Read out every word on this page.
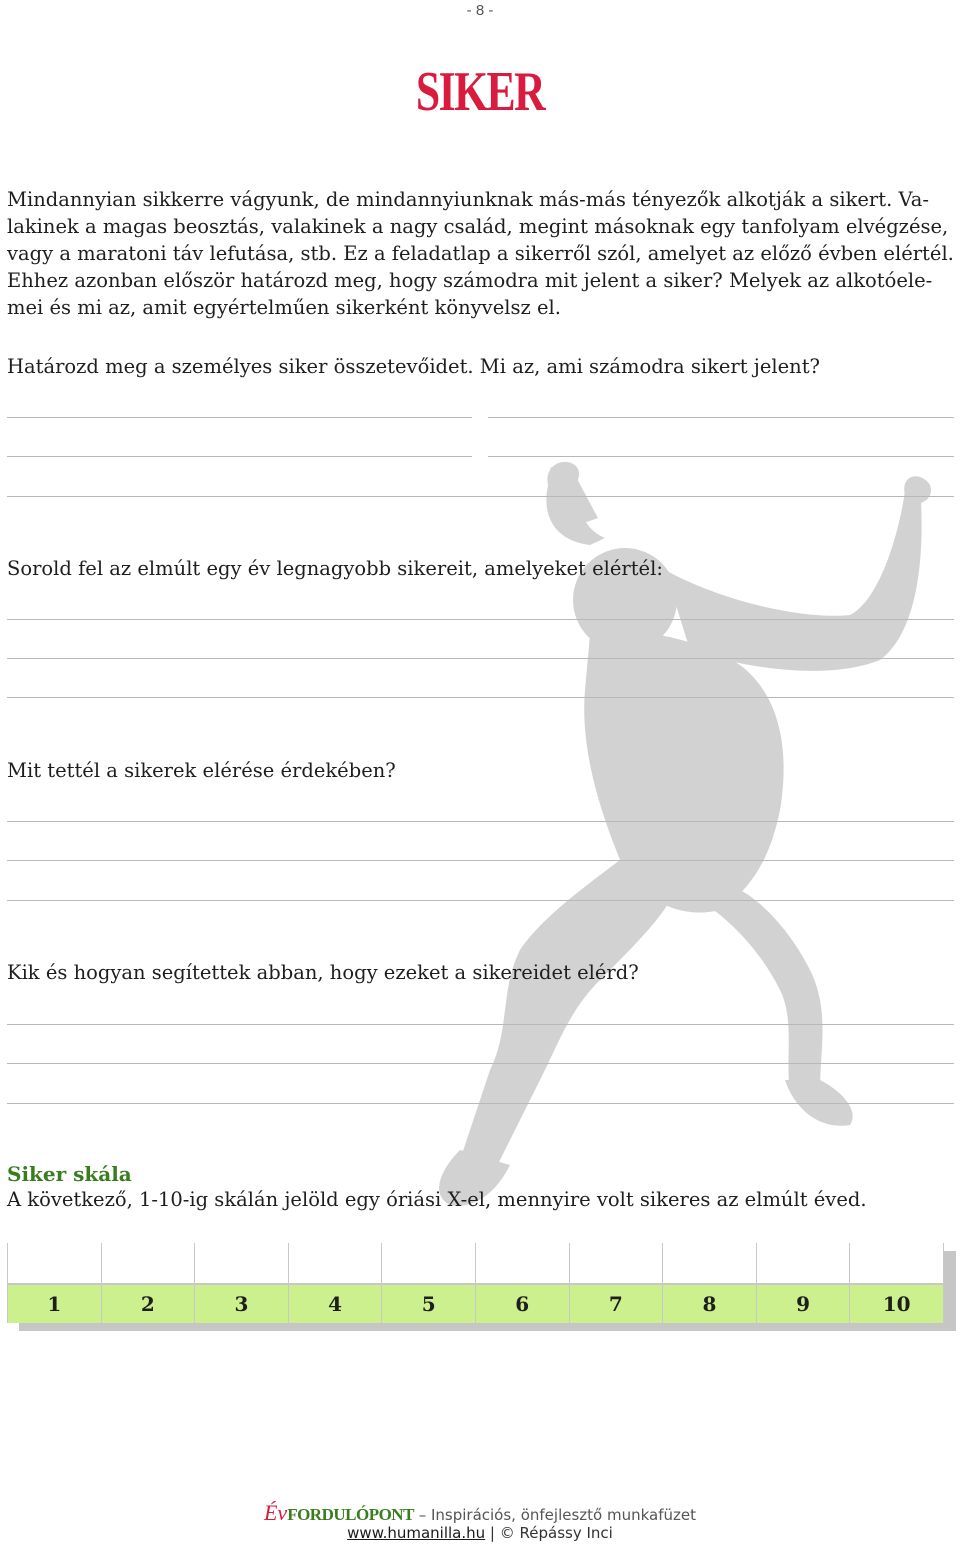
- 8 -
SIKER

Mindannyian sikkerre vágyunk, de mindannyiunknak más-más tényezők alkotják a sikert. Va-lakinek a magas beosztás, valakinek a nagy család, megint másoknak egy tanfolyam elvégzése, vagy a maratoni táv lefutása, stb. Ez a feladatlap a sikerről szól, amelyet az előző évben elértél. Ehhez azonban először határozd meg, hogy számodra mit jelent a siker? Melyek az alkotóele-mei és mi az, amit egyértelműen sikerként könyvelsz el.

Határozd meg a személyes siker összetevőidet. Mi az, ami számodra sikert jelent?
Sorold fel az elmúlt egy év legnagyobb sikereit, amelyeket elértél:
Mit tettél a sikerek elérése érdekében?
Kik és hogyan segítettek abban, hogy ezeket a sikereidet elérd?
Siker skála
A következő, 1-10-ig skálán jelöld egy óriási X-el, mennyire volt sikeres az elmúlt éved.
1	2	3	4	5	6	7	8	9	10
ÉvFORDULÓPONT – Inspirációs, önfejlesztő munkafüzet
www.humanilla.hu | © Répássy Inci
